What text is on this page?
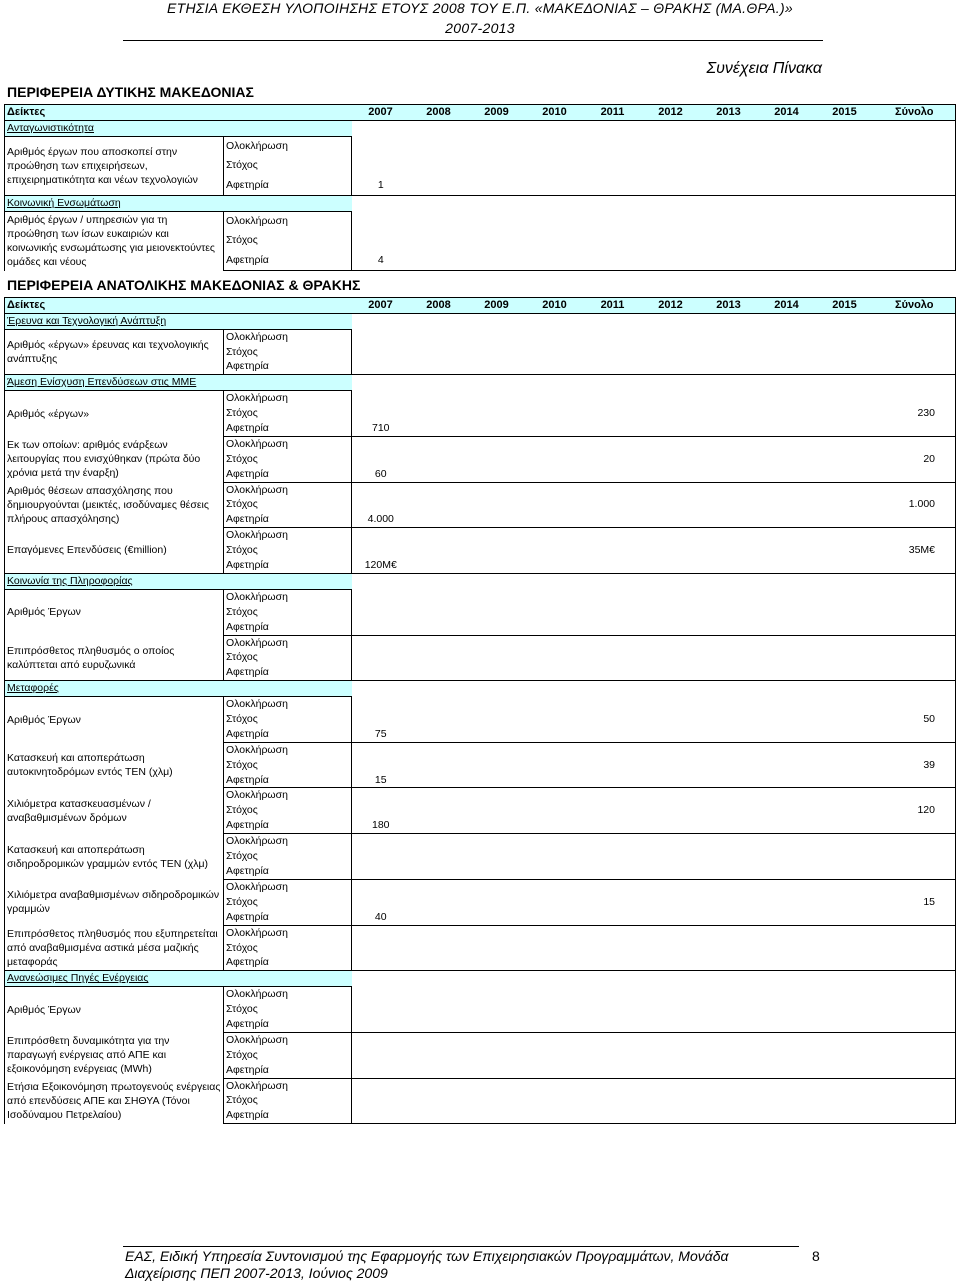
ΕΤΗΣΙΑ ΕΚΘΕΣΗ ΥΛΟΠΟΙΗΣΗΣ ΕΤΟΥΣ 2008 ΤΟΥ Ε.Π. «ΜΑΚΕΔΟΝΙΑΣ – ΘΡΑΚΗΣ (ΜΑ.ΘΡΑ.)»
2007-2013
Συνέχεια Πίνακα
ΠΕΡΙΦΕΡΕΙΑ ΔΥΤΙΚΗΣ ΜΑΚΕΔΟΝΙΑΣ
Δείκτες		2007	2008	2009	2010	2011	2012	2013	2014	2015	Σύνολο
Ανταγωνιστικότητα											
Αριθμός έργων που αποσκοπεί στην προώθηση των επιχειρήσεων, επιχειρηματικότητα και νέων τεχνολογιών	Ολοκλήρωση										
	Στόχος										
	Αφετηρία	1									
Κοινωνική Ενσωμάτωση											
Αριθμός έργων / υπηρεσιών για τη προώθηση των ίσων ευκαιριών και κοινωνικής ενσωμάτωσης για μειονεκτούντες ομάδες και νέους	Ολοκλήρωση										
	Στόχος										
	Αφετηρία	4									
ΠΕΡΙΦΕΡΕΙΑ ΑΝΑΤΟΛΙΚΗΣ ΜΑΚΕΔΟΝΙΑΣ & ΘΡΑΚΗΣ
Δείκτες		2007	2008	2009	2010	2011	2012	2013	2014	2015	Σύνολο
Έρευνα και Τεχνολογική Ανάπτυξη											
Αριθμός «έργων» έρευνας και τεχνολογικής ανάπτυξης	Ολοκλήρωση										
	Στόχος										
	Αφετηρία										
Άμεση Ενίσχυση Επενδύσεων στις ΜΜΕ											
Αριθμός «έργων»	Ολοκλήρωση										
	Στόχος										230
	Αφετηρία	710									
Εκ των οποίων: αριθμός ενάρξεων λειτουργίας που ενισχύθηκαν (πρώτα δύο χρόνια μετά την έναρξη)	Ολοκλήρωση										
	Στόχος										20
	Αφετηρία	60									
Αριθμός θέσεων απασχόλησης που δημιουργούνται (μεικτές, ισοδύναμες θέσεις πλήρους απασχόλησης)	Ολοκλήρωση										
	Στόχος										1.000
	Αφετηρία	4.000									
Επαγόμενες Επενδύσεις (€million)	Ολοκλήρωση										
	Στόχος										35Μ€
	Αφετηρία	120Μ€									
Κοινωνία της Πληροφορίας											
Αριθμός Έργων	Ολοκλήρωση										
	Στόχος										
	Αφετηρία										
Επιπρόσθετος πληθυσμός ο οποίος καλύπτεται από ευρυζωνικά	Ολοκλήρωση										
	Στόχος										
	Αφετηρία										
Μεταφορές											
Αριθμός Έργων	Ολοκλήρωση										
	Στόχος										50
	Αφετηρία	75									
Κατασκευή και αποπεράτωση αυτοκινητοδρόμων εντός ΤΕΝ (χλμ)	Ολοκλήρωση										
	Στόχος										39
	Αφετηρία	15									
Χιλιόμετρα κατασκευασμένων / αναβαθμισμένων δρόμων	Ολοκλήρωση										
	Στόχος										120
	Αφετηρία	180									
Κατασκευή και αποπεράτωση σιδηροδρομικών γραμμών εντός ΤΕΝ (χλμ)	Ολοκλήρωση										
	Στόχος										
	Αφετηρία										
Χιλιόμετρα αναβαθμισμένων σιδηροδρομικών γραμμών	Ολοκλήρωση										
	Στόχος										15
	Αφετηρία	40									
Επιπρόσθετος πληθυσμός που εξυπηρετείται από αναβαθμισμένα αστικά μέσα μαζικής μεταφοράς	Ολοκλήρωση										
	Στόχος										
	Αφετηρία										
Ανανεώσιμες Πηγές Ενέργειας											
Αριθμός Έργων	Ολοκλήρωση										
	Στόχος										
	Αφετηρία										
Επιπρόσθετη δυναμικότητα για την παραγωγή ενέργειας από ΑΠΕ και εξοικονόμηση ενέργειας (MWh)	Ολοκλήρωση										
	Στόχος										
	Αφετηρία										
Ετήσια Εξοικονόμηση πρωτογενούς ενέργειας από επενδύσεις ΑΠΕ και ΣΗΘΥΑ (Τόνοι Ισοδύναμου Πετρελαίου)	Ολοκλήρωση										
	Στόχος										
	Αφετηρία										
ΕΑΣ, Ειδική Υπηρεσία Συντονισμού της Εφαρμογής των Επιχειρησιακών Προγραμμάτων, Μονάδα
Διαχείρισης ΠΕΠ 2007-2013, Ιούνιος 2009
8
